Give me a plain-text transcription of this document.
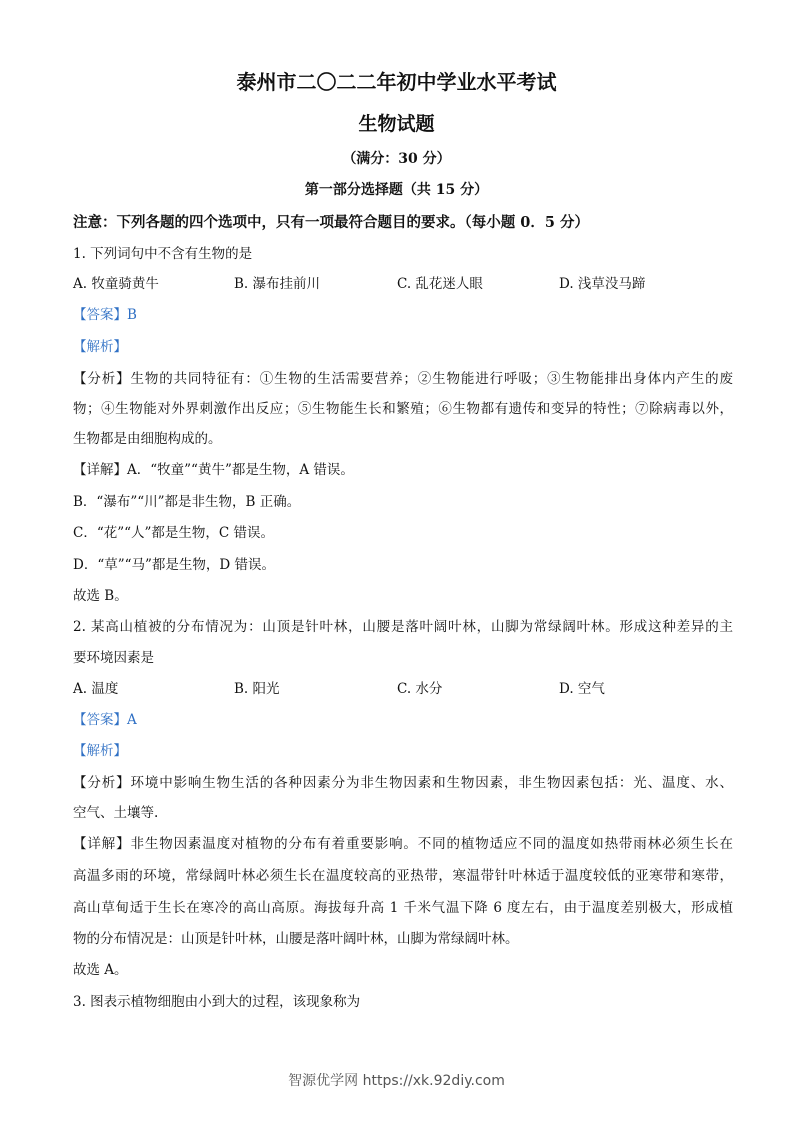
泰州市二〇二二年初中学业水平考试
生物试题
（满分：30 分）
第一部分选择题（共 15 分）
注意：下列各题的四个选项中，只有一项最符合题目的要求。（每小题 0．5 分）
1. 下列词句中不含有生物的是
A. 牧童骑黄牛	B. 瀑布挂前川	C. 乱花迷人眼	D. 浅草没马蹄
【答案】B
【解析】
【分析】生物的共同特征有：①生物的生活需要营养；②生物能进行呼吸；③生物能排出身体内产生的废
物；④生物能对外界刺激作出反应；⑤生物能生长和繁殖；⑥生物都有遗传和变异的特性；⑦除病毒以外，
生物都是由细胞构成的。
【详解】A．“牧童”“黄牛”都是生物，A 错误。
B．“瀑布”“川”都是非生物，B 正确。
C．“花”“人”都是生物，C 错误。
D．“草”“马”都是生物，D 错误。
故选 B。
2. 某高山植被的分布情况为：山顶是针叶林，山腰是落叶阔叶林，山脚为常绿阔叶林。形成这种差异的主
要环境因素是
A. 温度	B. 阳光	C. 水分	D. 空气
【答案】A
【解析】
【分析】环境中影响生物生活的各种因素分为非生物因素和生物因素，非生物因素包括：光、温度、水、
空气、土壤等.
【详解】非生物因素温度对植物的分布有着重要影响。不同的植物适应不同的温度如热带雨林必须生长在
高温多雨的环境，常绿阔叶林必须生长在温度较高的亚热带，寒温带针叶林适于温度较低的亚寒带和寒带，
高山草甸适于生长在寒冷的高山高原。海拔每升高 1 千米气温下降 6 度左右，由于温度差别极大，形成植
物的分布情况是：山顶是针叶林，山腰是落叶阔叶林，山脚为常绿阔叶林。
故选 A。
3. 图表示植物细胞由小到大的过程，该现象称为
智源优学网 https://xk.92diy.com
